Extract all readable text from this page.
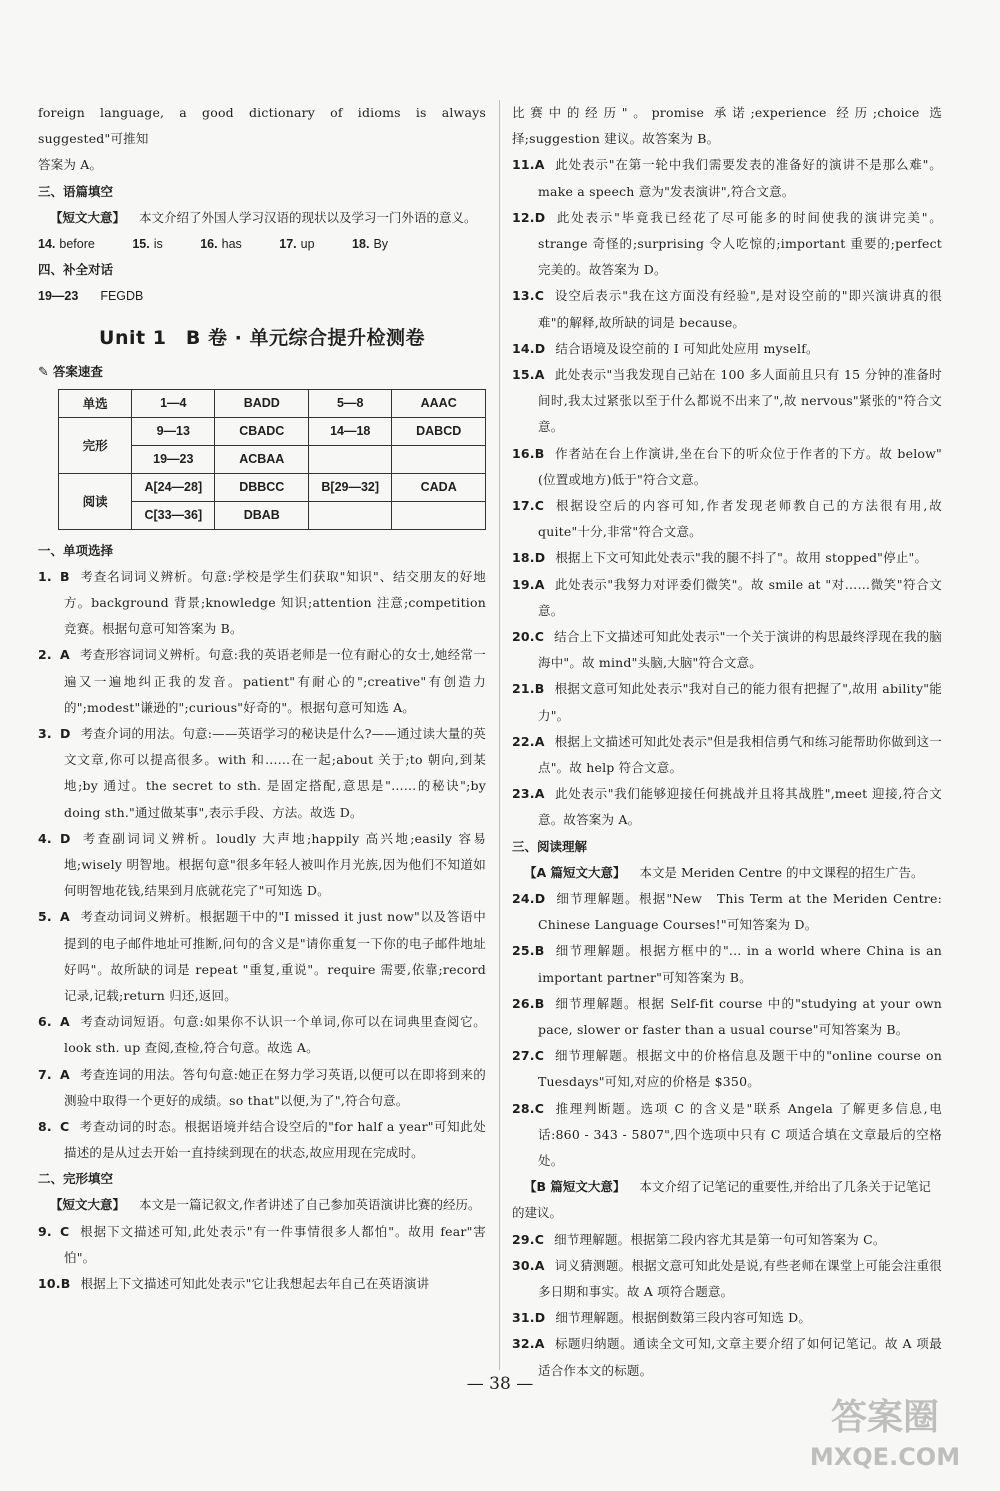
foreign language, a good dictionary of idioms is always suggested"可推知

答案为 A。

三、语篇填空

【短文大意】 本文介绍了外国人学习汉语的现状以及学习一门外语的意义。

14. before	15. is	16. has	17. up	18. By

四、补全对话

19—23 FEGDB

Unit 1　B 卷 · 单元综合提升检测卷
✎ 答案速查
单选	1—4	BADD	5—8	AAAC
完形	9—13	CBADC	14—18	DABCD
	19—23	ACBAA		
阅读	A[24—28]	DBBCC	B[29—32]	CADA
	C[33—36]	DBAB		

一、单项选择

1. B 考查名词词义辨析。句意:学校是学生们获取"知识"、结交朋友的好地方。background 背景;knowledge 知识;attention 注意;competition 竞赛。根据句意可知答案为 B。

2. A 考查形容词词义辨析。句意:我的英语老师是一位有耐心的女士,她经常一遍又一遍地纠正我的发音。patient"有耐心的";creative"有创造力的";modest"谦逊的";curious"好奇的"。根据句意可知选 A。

3. D 考查介词的用法。句意:——英语学习的秘诀是什么?——通过读大量的英文文章,你可以提高很多。with 和……在一起;about 关于;to 朝向,到某地;by 通过。the secret to sth. 是固定搭配,意思是"……的秘诀";by doing sth."通过做某事",表示手段、方法。故选 D。

4. D 考查副词词义辨析。loudly 大声地;happily 高兴地;easily 容易地;wisely 明智地。根据句意"很多年轻人被叫作月光族,因为他们不知道如何明智地花钱,结果到月底就花完了"可知选 D。

5. A 考查动词词义辨析。根据题干中的"I missed it just now"以及答语中提到的电子邮件地址可推断,问句的含义是"请你重复一下你的电子邮件地址好吗"。故所缺的词是 repeat "重复,重说"。require 需要,依靠;record 记录,记载;return 归还,返回。

6. A 考查动词短语。句意:如果你不认识一个单词,你可以在词典里查阅它。look sth. up 查阅,查检,符合句意。故选 A。

7. A 考查连词的用法。答句句意:她正在努力学习英语,以便可以在即将到来的测验中取得一个更好的成绩。so that"以便,为了",符合句意。

8. C 考查动词的时态。根据语境并结合设空后的"for half a year"可知此处描述的是从过去开始一直持续到现在的状态,故应用现在完成时。

二、完形填空

【短文大意】 本文是一篇记叙文,作者讲述了自己参加英语演讲比赛的经历。

9. C 根据下文描述可知,此处表示"有一件事情很多人都怕"。故用 fear"害怕"。

10.B 根据上下文描述可知此处表示"它让我想起去年自己在英语演讲

比赛中的经历"。promise 承诺;experience 经历;choice 选择;suggestion 建议。故答案为 B。

11.A 此处表示"在第一轮中我们需要发表的准备好的演讲不是那么难"。make a speech 意为"发表演讲",符合文意。

12.D 此处表示"毕竟我已经花了尽可能多的时间使我的演讲完美"。strange 奇怪的;surprising 令人吃惊的;important 重要的;perfect 完美的。故答案为 D。

13.C 设空后表示"我在这方面没有经验",是对设空前的"即兴演讲真的很难"的解释,故所缺的词是 because。

14.D 结合语境及设空前的 I 可知此处应用 myself。

15.A 此处表示"当我发现自己站在 100 多人面前且只有 15 分钟的准备时间时,我太过紧张以至于什么都说不出来了",故 nervous"紧张的"符合文意。

16.B 作者站在台上作演讲,坐在台下的听众位于作者的下方。故 below"(位置或地方)低于"符合文意。

17.C 根据设空后的内容可知,作者发现老师教自己的方法很有用,故 quite"十分,非常"符合文意。

18.D 根据上下文可知此处表示"我的腿不抖了"。故用 stopped"停止"。

19.A 此处表示"我努力对评委们微笑"。故 smile at "对……微笑"符合文意。

20.C 结合上下文描述可知此处表示"一个关于演讲的构思最终浮现在我的脑海中"。故 mind"头脑,大脑"符合文意。

21.B 根据文意可知此处表示"我对自己的能力很有把握了",故用 ability"能力"。

22.A 根据上文描述可知此处表示"但是我相信勇气和练习能帮助你做到这一点"。故 help 符合文意。

23.A 此处表示"我们能够迎接任何挑战并且将其战胜",meet 迎接,符合文意。故答案为 A。

三、阅读理解

【A 篇短文大意】 本文是 Meriden Centre 的中文课程的招生广告。

24.D 细节理解题。根据"New　This Term at the Meriden Centre: Chinese Language Courses!"可知答案为 D。

25.B 细节理解题。根据方框中的"... in a world where China is an important partner"可知答案为 B。

26.B 细节理解题。根据 Self-fit course 中的"studying at your own pace, slower or faster than a usual course"可知答案为 B。

27.C 细节理解题。根据文中的价格信息及题干中的"online course on Tuesdays"可知,对应的价格是 $350。

28.C 推理判断题。选项 C 的含义是"联系 Angela 了解更多信息,电话:860 - 343 - 5807",四个选项中只有 C 项适合填在文章最后的空格处。

【B 篇短文大意】 本文介绍了记笔记的重要性,并给出了几条关于记笔记的建议。

29.C 细节理解题。根据第二段内容尤其是第一句可知答案为 C。

30.A 词义猜测题。根据文意可知此处是说,有些老师在课堂上可能会注重很多日期和事实。故 A 项符合题意。

31.D 细节理解题。根据倒数第三段内容可知选 D。

32.A 标题归纳题。通读全文可知,文章主要介绍了如何记笔记。故 A 项最适合作本文的标题。

— 38 —
答案圈
MXQE.COM
